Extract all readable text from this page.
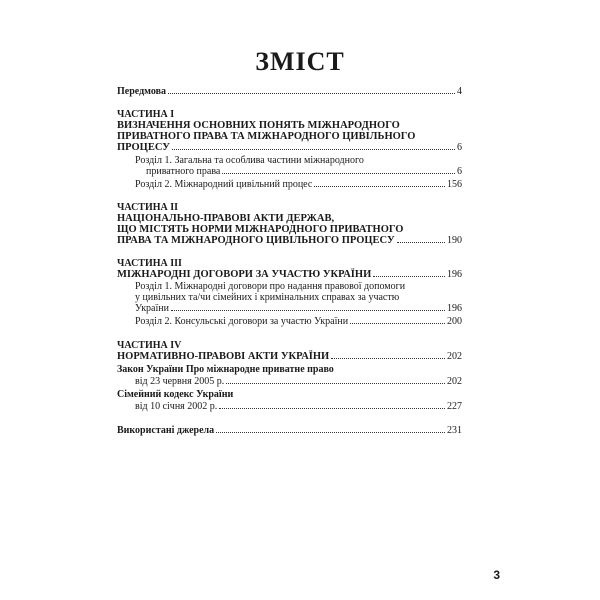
ЗМІСТ
Передмова	4
ЧАСТИНА І
ВИЗНАЧЕННЯ ОСНОВНИХ ПОНЯТЬ МІЖНАРОДНОГО
ПРИВАТНОГО ПРАВА ТА МІЖНАРОДНОГО ЦИВІЛЬНОГО
ПРОЦЕСУ	6
Розділ 1. Загальна та особлива частини міжнародного
приватного права	6
Розділ 2. Міжнародний цивільний процес	156
ЧАСТИНА ІІ
НАЦІОНАЛЬНО-ПРАВОВІ АКТИ ДЕРЖАВ,
ЩО МІСТЯТЬ НОРМИ МІЖНАРОДНОГО ПРИВАТНОГО
ПРАВА ТА МІЖНАРОДНОГО ЦИВІЛЬНОГО ПРОЦЕСУ	190
ЧАСТИНА ІІІ
МІЖНАРОДНІ ДОГОВОРИ ЗА УЧАСТЮ УКРАЇНИ	196
Розділ 1. Міжнародні договори про надання правової допомоги
у цивільних та/чи сімейних і кримінальних справах за участю
України	196
Розділ 2. Консульські договори за участю України	200
ЧАСТИНА IV
НОРМАТИВНО-ПРАВОВІ АКТИ УКРАЇНИ	202
Закон України Про міжнародне приватне право
від 23 червня 2005 р.	202
Сімейний кодекс України
від 10 січня 2002 р.	227
Використані джерела	231
3
